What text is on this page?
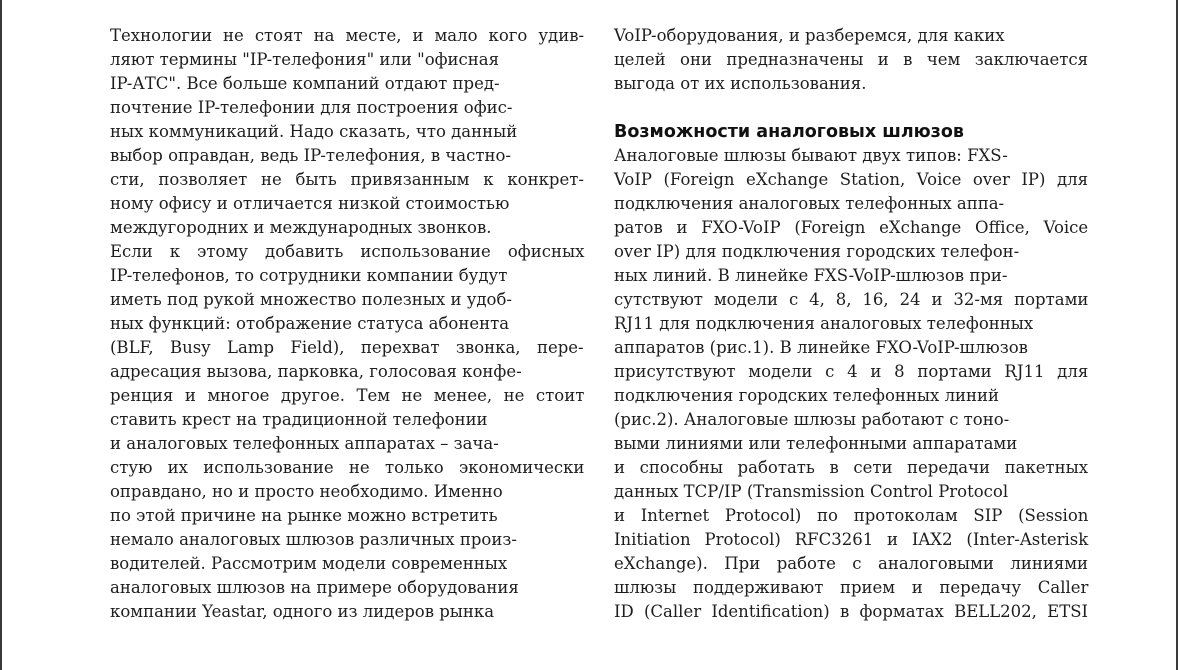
Технологии не стоят на месте, и мало кого удив-
ляют термины "IP-телефония" или "офисная
IP-АТС". Все больше компаний отдают пред-
почтение IP-телефонии для построения офис-
ных коммуникаций. Надо сказать, что данный
выбор оправдан, ведь IP-телефония, в частно-
сти, позволяет не быть привязанным к конкрет-
ному офису и отличается низкой стоимостью
междугородних и международных звонков.
Если к этому добавить использование офисных
IP-телефонов, то сотрудники компании будут
иметь под рукой множество полезных и удоб-
ных функций: отображение статуса абонента
(BLF, Busy Lamp Field), перехват звонка, пере-
адресация вызова, парковка, голосовая конфе-
ренция и многое другое. Тем не менее, не стоит
ставить крест на традиционной телефонии
и аналоговых телефонных аппаратах – зача-
стую их использование не только экономически
оправдано, но и просто необходимо. Именно
по этой причине на рынке можно встретить
немало аналоговых шлюзов различных произ-
водителей. Рассмотрим модели современных
аналоговых шлюзов на примере оборудования
компании Yeastar, одного из лидеров рынка
VoIP-оборудования, и разберемся, для каких
целей они предназначены и в чем заключается
выгода от их использования.
Возможности аналоговых шлюзов
Аналоговые шлюзы бывают двух типов: FXS-
VoIP (Foreign eXchange Station, Voice over IP) для
подключения аналоговых телефонных аппа-
ратов и FXO-VoIP (Foreign eXchange Office, Voice
over IP) для подключения городских телефон-
ных линий. В линейке FXS-VoIP-шлюзов при-
сутствуют модели с 4, 8, 16, 24 и 32-мя портами
RJ11 для подключения аналоговых телефонных
аппаратов (рис.1). В линейке FXO-VoIP-шлюзов
присутствуют модели с 4 и 8 портами RJ11 для
подключения городских телефонных линий
(рис.2). Аналоговые шлюзы работают с тоно-
выми линиями или телефонными аппаратами
и способны работать в сети передачи пакетных
данных TCP/IP (Transmission Control Protocol
и Internet Protocol) по протоколам SIP (Session
Initiation Protocol) RFC3261 и IAX2 (Inter-Asterisk
eXchange). При работе с аналоговыми линиями
шлюзы поддерживают прием и передачу Caller
ID (Caller Identification) в форматах BELL202, ETSI
